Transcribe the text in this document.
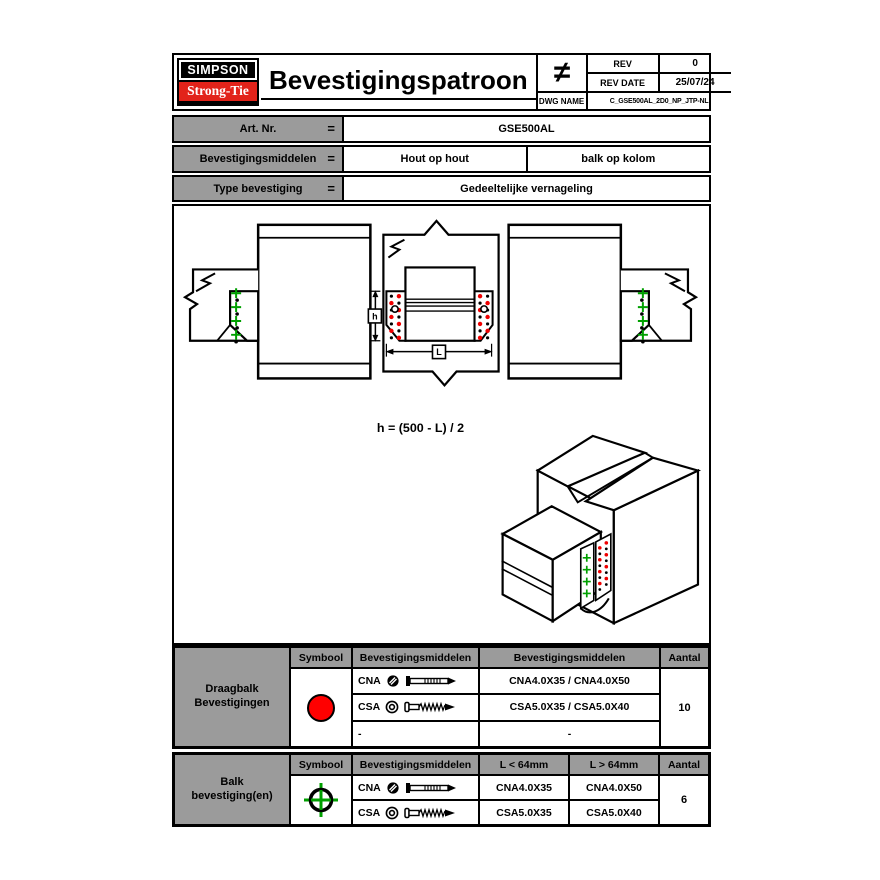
SIMPSON
Strong-Tie Bevestigingspatroon ≠	REV	0
REV DATE	25/07/24
DWG NAME	C_GSE500AL_2D0_NP_JTP-NL
Art. Nr.	=	GSE500AL
Bevestigingsmiddelen =	Hout op hout	balk op kolom
Type bevestiging =	Gedeeltelijke vernageling
h
L
h = (500 - L) / 2
Draagbalk Bevestigingen
Symbool	Bevestigingsmiddelen	Bevestigingsmiddelen	Aantal
CNA	CNA4.0X35 / CNA4.0X50
CSA	CSA5.0X35 / CSA5.0X40
-	-
10
Balk bevestiging(en)
Symbool	Bevestigingsmiddelen	L < 64mm	L > 64mm	Aantal
CNA	CNA4.0X35	CNA4.0X50
CSA	CSA5.0X35	CSA5.0X40
6
